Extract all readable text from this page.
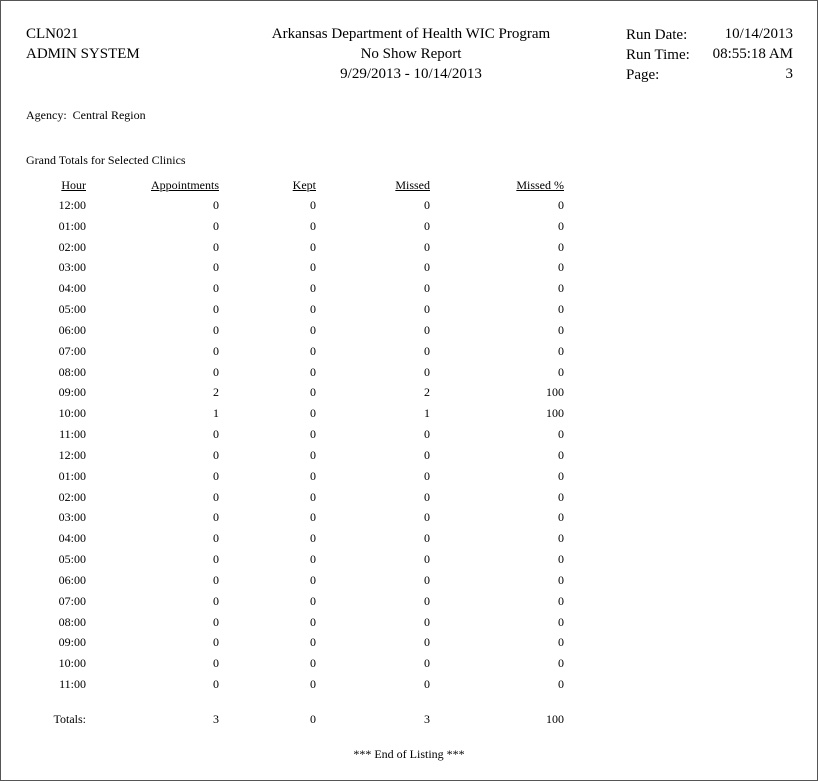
CLN021
ADMIN SYSTEM
Arkansas Department of Health WIC Program
No Show Report
9/29/2013 - 10/14/2013
Run Date:	10/14/2013
Run Time:	08:55:18 AM
Page:	3
Agency: Central Region
Grand Totals for Selected Clinics
Hour	Appointments	Kept	Missed	Missed %
12:00	0	0	0	0
01:00	0	0	0	0
02:00	0	0	0	0
03:00	0	0	0	0
04:00	0	0	0	0
05:00	0	0	0	0
06:00	0	0	0	0
07:00	0	0	0	0
08:00	0	0	0	0
09:00	2	0	2	100
10:00	1	0	1	100
11:00	0	0	0	0
12:00	0	0	0	0
01:00	0	0	0	0
02:00	0	0	0	0
03:00	0	0	0	0
04:00	0	0	0	0
05:00	0	0	0	0
06:00	0	0	0	0
07:00	0	0	0	0
08:00	0	0	0	0
09:00	0	0	0	0
10:00	0	0	0	0
11:00	0	0	0	0
Totals:	3	0	3	100
*** End of Listing ***
